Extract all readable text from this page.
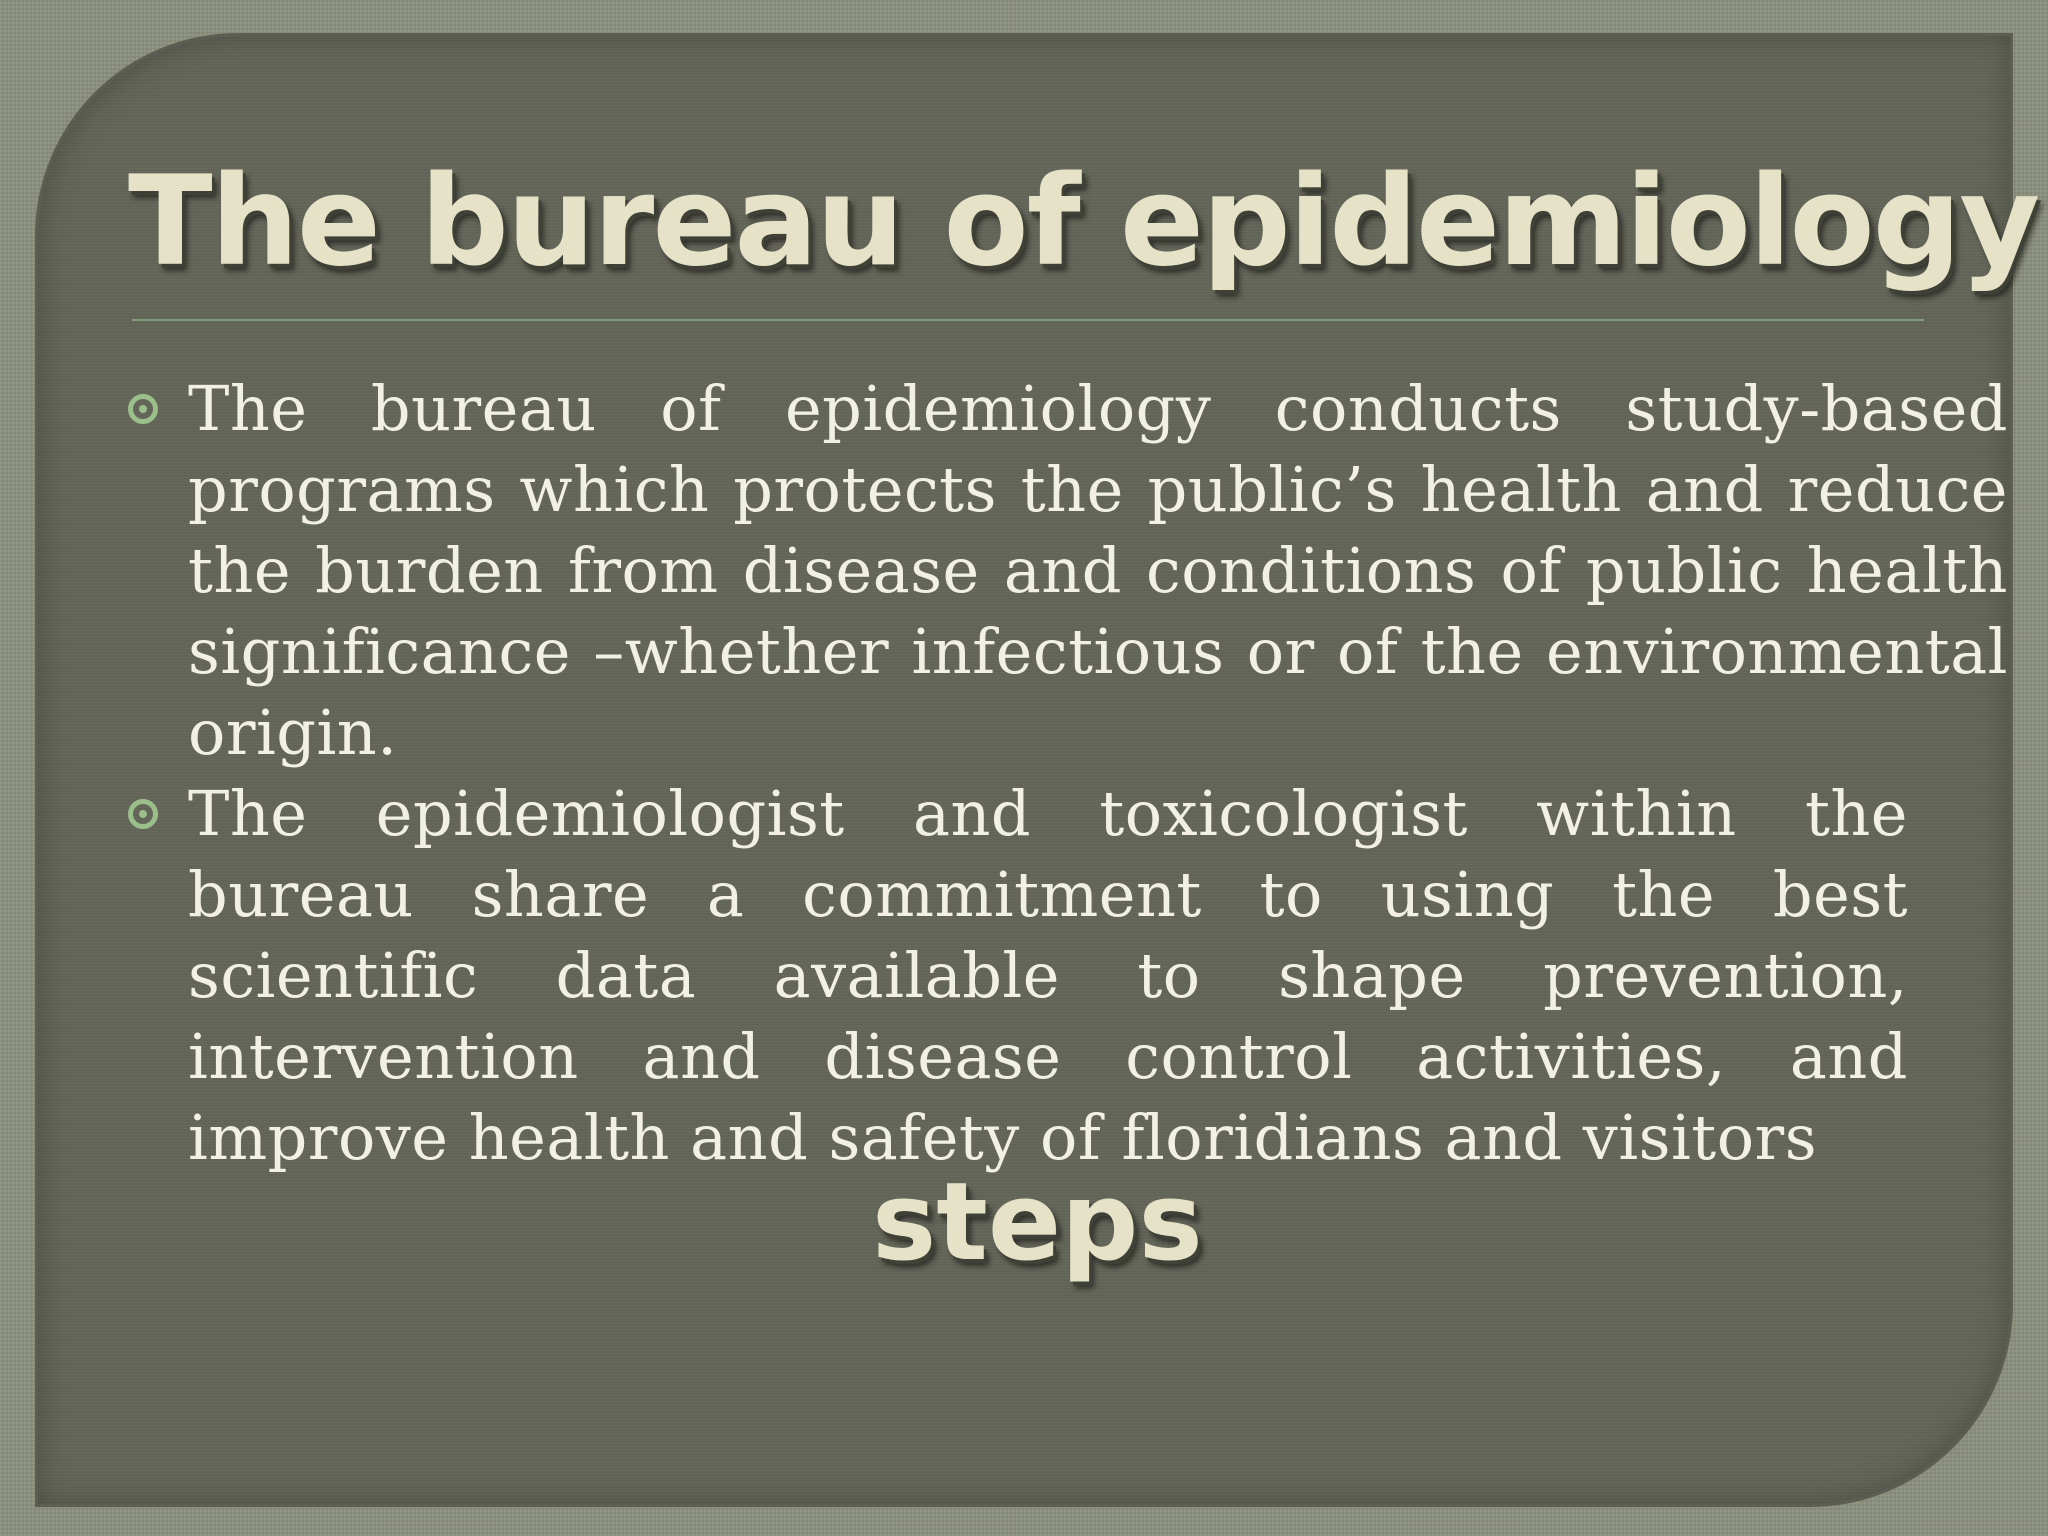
The bureau of epidemiology
The bureau of epidemiology conducts study-based programs which protects the public’s health and reduce the burden from disease and conditions of public health significance –whether infectious or of the environmental origin.
The epidemiologist and toxicologist within the bureau share a commitment to using the best scientific data available to shape prevention, intervention and disease control activities, and improve health and safety of floridians and visitors
steps
